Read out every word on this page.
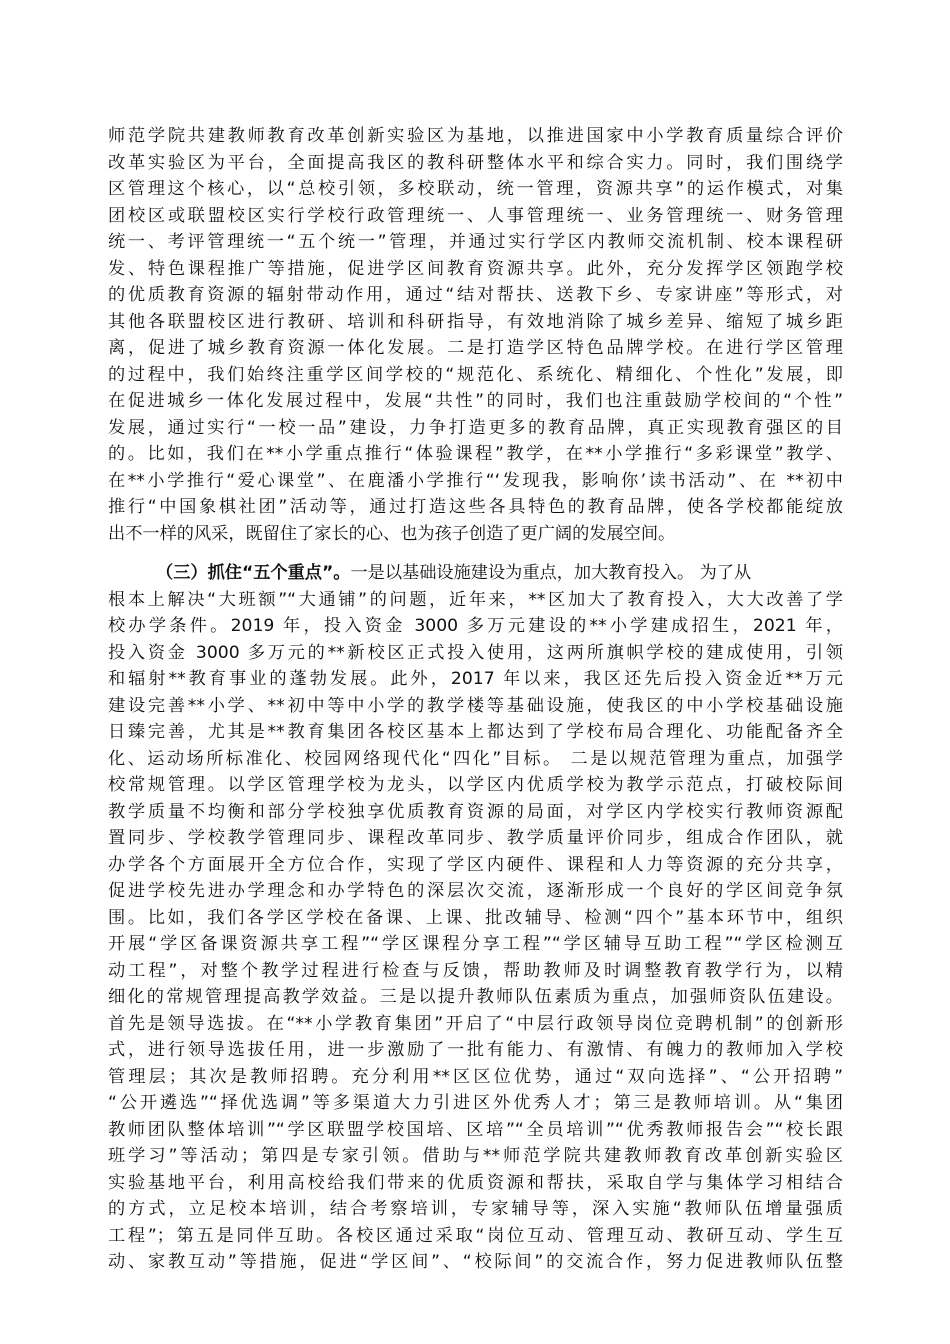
师范学院共建教师教育改革创新实验区为基地，以推进国家中小学教育质量综合评价
改革实验区为平台，全面提高我区的教科研整体水平和综合实力。同时，我们围绕学
区管理这个核心，以“总校引领，多校联动，统一管理，资源共享”的运作模式，对集
团校区或联盟校区实行学校行政管理统一、人事管理统一、业务管理统一、财务管理
统一、考评管理统一“五个统一”管理，并通过实行学区内教师交流机制、校本课程研
发、特色课程推广等措施，促进学区间教育资源共享。此外，充分发挥学区领跑学校
的优质教育资源的辐射带动作用，通过“结对帮扶、送教下乡、专家讲座”等形式，对
其他各联盟校区进行教研、培训和科研指导，有效地消除了城乡差异、缩短了城乡距
离，促进了城乡教育资源一体化发展。二是打造学区特色品牌学校。在进行学区管理
的过程中，我们始终注重学区间学校的“规范化、系统化、精细化、个性化”发展，即
在促进城乡一体化发展过程中，发展“共性”的同时，我们也注重鼓励学校间的“个性”
发展，通过实行“一校一品”建设，力争打造更多的教育品牌，真正实现教育强区的目
的。比如，我们在**小学重点推行“体验课程”教学，在**小学推行“多彩课堂”教学、
在**小学推行“爱心课堂”、在鹿潘小学推行“‘发现我，影响你’读书活动”、在 **初中
推行“中国象棋社团”活动等，通过打造这些各具特色的教育品牌，使各学校都能绽放
出不一样的风采，既留住了家长的心、也为孩子创造了更广阔的发展空间。
（三）抓住“五个重点”。一是以基础设施建设为重点，加大教育投入。 为了从
根本上解决“大班额”“大通铺”的问题，近年来，**区加大了教育投入，大大改善了学
校办学条件。2019 年，投入资金 3000 多万元建设的**小学建成招生，2021 年，
投入资金 3000 多万元的**新校区正式投入使用，这两所旗帜学校的建成使用，引领
和辐射**教育事业的蓬勃发展。此外，2017 年以来，我区还先后投入资金近**万元
建设完善**小学、**初中等中小学的教学楼等基础设施，使我区的中小学校基础设施
日臻完善，尤其是**教育集团各校区基本上都达到了学校布局合理化、功能配备齐全
化、运动场所标准化、校园网络现代化“四化”目标。 二是以规范管理为重点，加强学
校常规管理。以学区管理学校为龙头，以学区内优质学校为教学示范点，打破校际间
教学质量不均衡和部分学校独享优质教育资源的局面，对学区内学校实行教师资源配
置同步、学校教学管理同步、课程改革同步、教学质量评价同步，组成合作团队，就
办学各个方面展开全方位合作，实现了学区内硬件、课程和人力等资源的充分共享，
促进学校先进办学理念和办学特色的深层次交流，逐渐形成一个良好的学区间竞争氛
围。比如，我们各学区学校在备课、上课、批改辅导、检测“四个”基本环节中，组织
开展“学区备课资源共享工程”“学区课程分享工程”“学区辅导互助工程”“学区检测互
动工程”，对整个教学过程进行检查与反馈，帮助教师及时调整教育教学行为，以精
细化的常规管理提高教学效益。三是以提升教师队伍素质为重点，加强师资队伍建设。
首先是领导选拔。在“**小学教育集团”开启了“中层行政领导岗位竞聘机制”的创新形
式，进行领导选拔任用，进一步激励了一批有能力、有激情、有魄力的教师加入学校
管理层；其次是教师招聘。充分利用**区区位优势，通过“双向选择”、“公开招聘”
“公开遴选”“择优选调”等多渠道大力引进区外优秀人才；第三是教师培训。从“集团
教师团队整体培训”“学区联盟学校国培、区培”“全员培训”“优秀教师报告会”“校长跟
班学习”等活动；第四是专家引领。借助与**师范学院共建教师教育改革创新实验区
实验基地平台，利用高校给我们带来的优质资源和帮扶，采取自学与集体学习相结合
的方式，立足校本培训，结合考察培训，专家辅导等，深入实施“教师队伍增量强质
工程”；第五是同伴互助。各校区通过采取“岗位互动、管理互动、教研互动、学生互
动、家教互动”等措施，促进“学区间”、“校际间”的交流合作，努力促进教师队伍整
